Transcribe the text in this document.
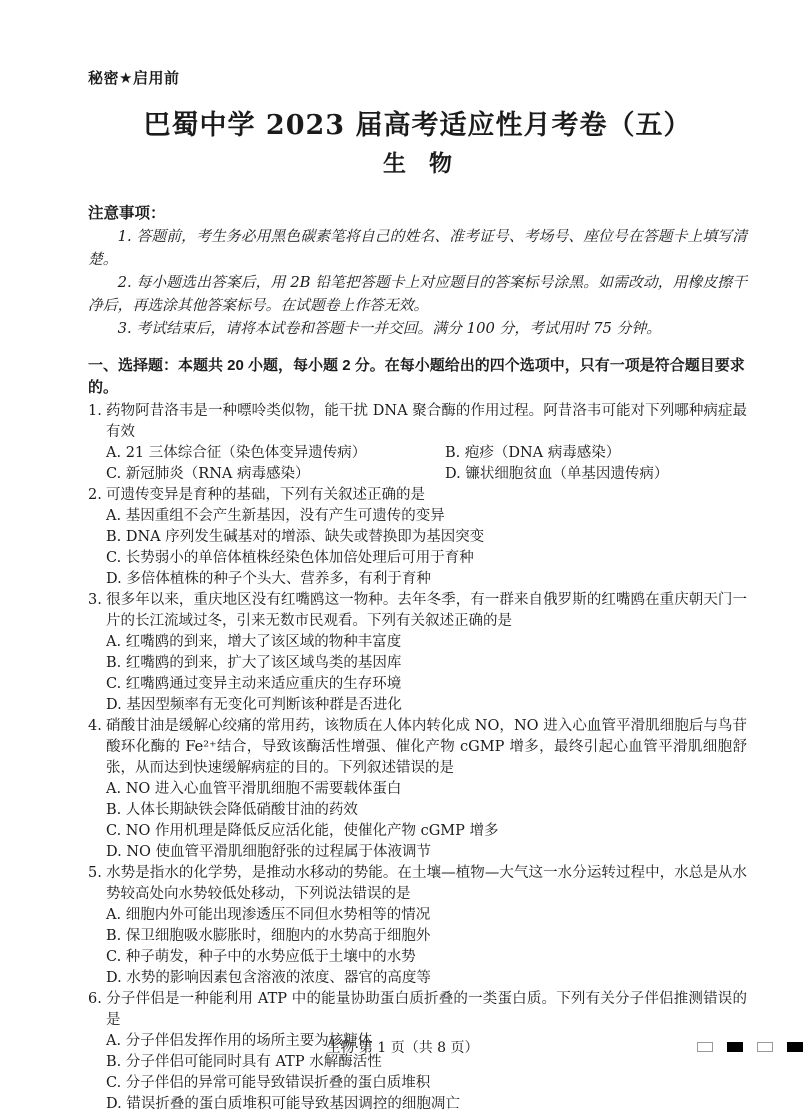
秘密★启用前
巴蜀中学 2023 届高考适应性月考卷（五）
生　物
注意事项：
1. 答题前，考生务必用黑色碳素笔将自己的姓名、准考证号、考场号、座位号在答题卡上填写清楚。
2. 每小题选出答案后，用 2B 铅笔把答题卡上对应题目的答案标号涂黑。如需改动，用橡皮擦干净后，再选涂其他答案标号。在试题卷上作答无效。
3. 考试结束后，请将本试卷和答题卡一并交回。满分 100 分，考试用时 75 分钟。
一、选择题：本题共 20 小题，每小题 2 分。在每小题给出的四个选项中，只有一项是符合题目要求的。
1. 药物阿昔洛韦是一种嘌呤类似物，能干扰 DNA 聚合酶的作用过程。阿昔洛韦可能对下列哪种病症最有效
A. 21 三体综合征（染色体变异遗传病）	B. 疱疹（DNA 病毒感染）
C. 新冠肺炎（RNA 病毒感染）	D. 镰状细胞贫血（单基因遗传病）
2. 可遗传变异是育种的基础，下列有关叙述正确的是
A. 基因重组不会产生新基因，没有产生可遗传的变异
B. DNA 序列发生碱基对的增添、缺失或替换即为基因突变
C. 长势弱小的单倍体植株经染色体加倍处理后可用于育种
D. 多倍体植株的种子个头大、营养多，有利于育种
3. 很多年以来，重庆地区没有红嘴鸥这一物种。去年冬季，有一群来自俄罗斯的红嘴鸥在重庆朝天门一片的长江流域过冬，引来无数市民观看。下列有关叙述正确的是
A. 红嘴鸥的到来，增大了该区域的物种丰富度
B. 红嘴鸥的到来，扩大了该区域鸟类的基因库
C. 红嘴鸥通过变异主动来适应重庆的生存环境
D. 基因型频率有无变化可判断该种群是否进化
4. 硝酸甘油是缓解心绞痛的常用药，该物质在人体内转化成 NO，NO 进入心血管平滑肌细胞后与鸟苷酸环化酶的 Fe²⁺结合，导致该酶活性增强、催化产物 cGMP 增多，最终引起心血管平滑肌细胞舒张，从而达到快速缓解病症的目的。下列叙述错误的是
A. NO 进入心血管平滑肌细胞不需要载体蛋白
B. 人体长期缺铁会降低硝酸甘油的药效
C. NO 作用机理是降低反应活化能，使催化产物 cGMP 增多
D. NO 使血管平滑肌细胞舒张的过程属于体液调节
5. 水势是指水的化学势，是推动水移动的势能。在土壤—植物—大气这一水分运转过程中，水总是从水势较高处向水势较低处移动，下列说法错误的是
A. 细胞内外可能出现渗透压不同但水势相等的情况
B. 保卫细胞吸水膨胀时，细胞内的水势高于细胞外
C. 种子萌发，种子中的水势应低于土壤中的水势
D. 水势的影响因素包含溶液的浓度、器官的高度等
6. 分子伴侣是一种能利用 ATP 中的能量协助蛋白质折叠的一类蛋白质。下列有关分子伴侣推测错误的是
A. 分子伴侣发挥作用的场所主要为核糖体
B. 分子伴侣可能同时具有 ATP 水解酶活性
C. 分子伴侣的异常可能导致错误折叠的蛋白质堆积
D. 错误折叠的蛋白质堆积可能导致基因调控的细胞凋亡
生物·第 1 页（共 8 页）
